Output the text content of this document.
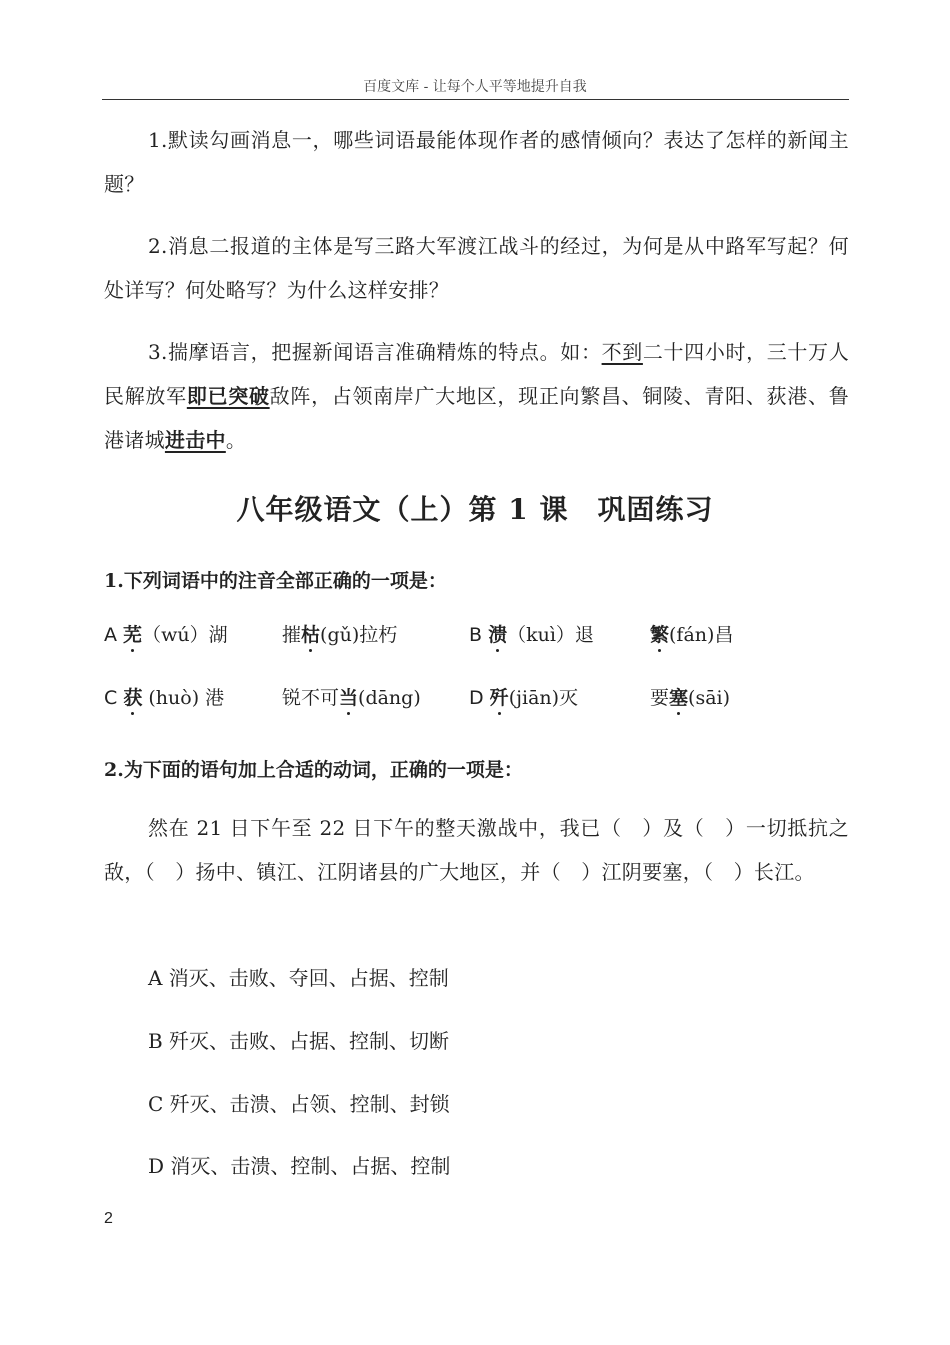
百度文库 - 让每个人平等地提升自我
1.默读勾画消息一，哪些词语最能体现作者的感情倾向？表达了怎样的新闻主题？
2.消息二报道的主体是写三路大军渡江战斗的经过，为何是从中路军写起？何处详写？何处略写？为什么这样安排？
3.揣摩语言，把握新闻语言准确精炼的特点。如：不到二十四小时，三十万人民解放军即已突破敌阵，占领南岸广大地区，现正向繁昌、铜陵、青阳、荻港、鲁港诸城进击中。
八年级语文（上）第 1 课　巩固练习
1.下列词语中的注音全部正确的一项是：
A 芜（wú）湖	摧枯(gǔ)拉朽	B 溃（kuì）退	繁(fán)昌
C 获 (huò) 港	锐不可当(dāng)	D 歼(jiān)灭	要塞(sāi)
2.为下面的语句加上合适的动词，正确的一项是：
然在 21 日下午至 22 日下午的整天激战中，我已（　）及（　）一切抵抗之敌，（　）扬中、镇江、江阴诸县的广大地区，并（　）江阴要塞，（　）长江。
A 消灭、击败、夺回、占据、控制
B 歼灭、击败、占据、控制、切断
C 歼灭、击溃、占领、控制、封锁
D 消灭、击溃、控制、占据、控制
2
